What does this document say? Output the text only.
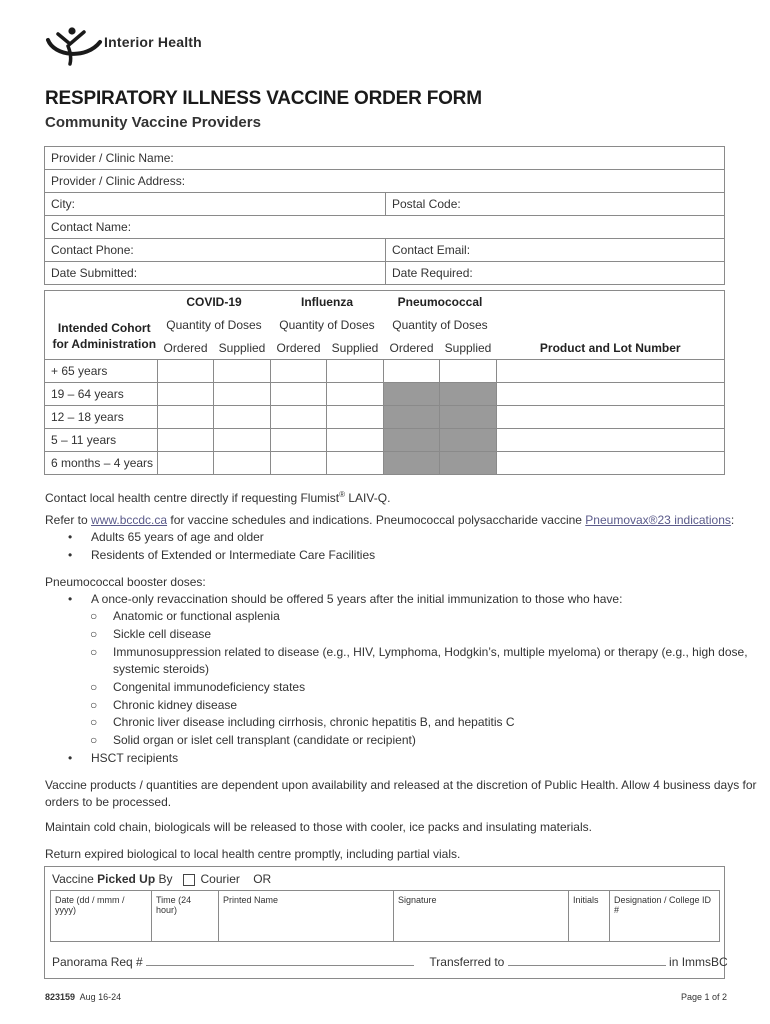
Interior Health
RESPIRATORY ILLNESS VACCINE ORDER FORM
Community Vaccine Providers
Provider / Clinic Name:	
Provider / Clinic Address:	
City:	Postal Code:
Contact Name:	
Contact Phone:	Contact Email:
Date Submitted:	Date Required:
	COVID-19		Influenza		Pneumococcal		Product and Lot Number
Intended Cohort	Quantity of Doses		Quantity of Doses		Quantity of Doses		
for Administration	Ordered	Supplied	Ordered	Supplied	Ordered	Supplied	
+ 65 years							
19 – 64 years							
12 – 18 years							
5 – 11 years							
6 months – 4 years							
Contact local health centre directly if requesting Flumist® LAIV-Q.
Refer to www.bccdc.ca for vaccine schedules and indications. Pneumococcal polysaccharide vaccine Pneumovax®23 indications:
• Adults 65 years of age and older
• Residents of Extended or Intermediate Care Facilities
Pneumococcal booster doses:
• A once-only revaccination should be offered 5 years after the initial immunization to those who have:
○ Anatomic or functional asplenia
○ Sickle cell disease
○ Immunosuppression related to disease (e.g., HIV, Lymphoma, Hodgkin’s, multiple myeloma) or therapy (e.g., high dose,
systemic steroids)
○ Congenital immunodeficiency states
○ Chronic kidney disease
○ Chronic liver disease including cirrhosis, chronic hepatitis B, and hepatitis C
○ Solid organ or islet cell transplant (candidate or recipient)
• HSCT recipients
Vaccine products / quantities are dependent upon availability and released at the discretion of Public Health. Allow 4 business days for
orders to be processed.
Maintain cold chain, biologicals will be released to those with cooler, ice packs and insulating materials.
Return expired biological to local health centre promptly, including partial vials.
Vaccine Picked Up By Courier OR
Date (dd / mmm / yyyy)	Time (24 hour)	Printed Name	Signature	Initials	Designation / College ID #
Panorama Req #	Transferred to	in ImmsBC
823159 Aug 16-24	Page 1 of 2
